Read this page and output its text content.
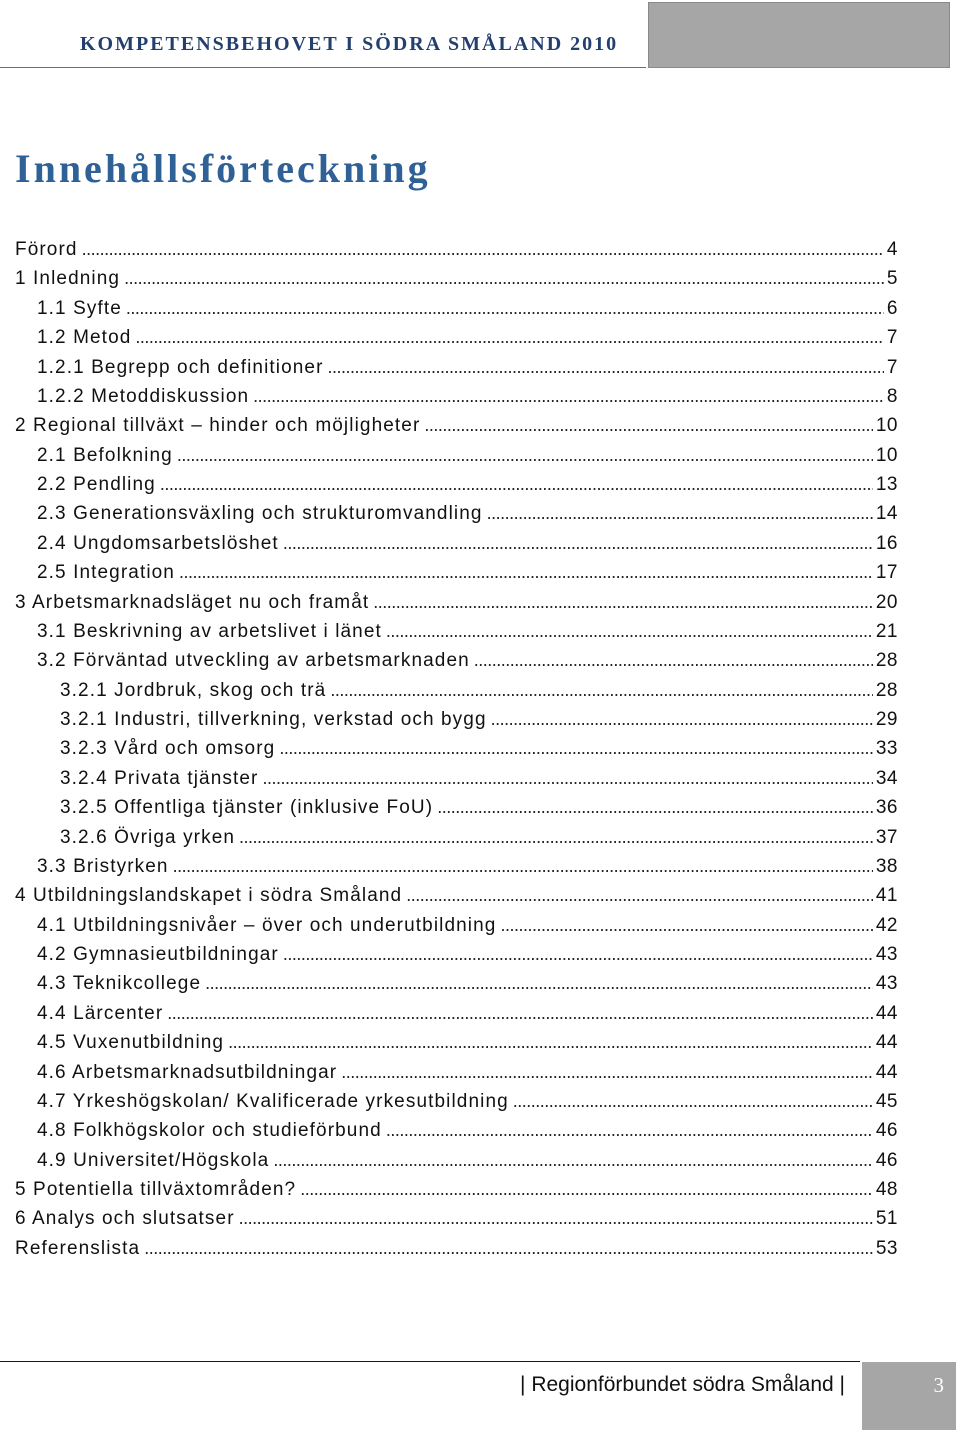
KOMPETENSBEHOVET I SÖDRA SMÅLAND 2010
Innehållsförteckning
Förord .....	4
1 Inledning .....	5
1.1 Syfte .....	6
1.2 Metod .....	7
1.2.1 Begrepp och definitioner .....	7
1.2.2 Metoddiskussion .....	8
2 Regional tillväxt – hinder och möjligheter .....	10
2.1 Befolkning .....	10
2.2 Pendling .....	13
2.3 Generationsväxling och strukturomvandling .....	14
2.4 Ungdomsarbetslöshet .....	16
2.5 Integration .....	17
3 Arbetsmarknadsläget nu och framåt .....	20
3.1 Beskrivning av arbetslivet i länet .....	21
3.2 Förväntad utveckling av arbetsmarknaden .....	28
3.2.1 Jordbruk, skog och trä .....	28
3.2.1 Industri, tillverkning, verkstad och bygg .....	29
3.2.3 Vård och omsorg .....	33
3.2.4 Privata tjänster .....	34
3.2.5 Offentliga tjänster (inklusive FoU) .....	36
3.2.6 Övriga yrken .....	37
3.3 Bristyrken .....	38
4 Utbildningslandskapet i södra Småland .....	41
4.1 Utbildningsnivåer – över och underutbildning .....	42
4.2 Gymnasieutbildningar .....	43
4.3 Teknikcollege .....	43
4.4 Lärcenter .....	44
4.5 Vuxenutbildning .....	44
4.6 Arbetsmarknadsutbildningar .....	44
4.7 Yrkeshögskolan/ Kvalificerade yrkesutbildning .....	45
4.8 Folkhögskolor och studieförbund .....	46
4.9 Universitet/Högskola .....	46
5 Potentiella tillväxtområden? .....	48
6 Analys och slutsatser .....	51
Referenslista .....	53
| Regionförbundet södra Småland |	3
